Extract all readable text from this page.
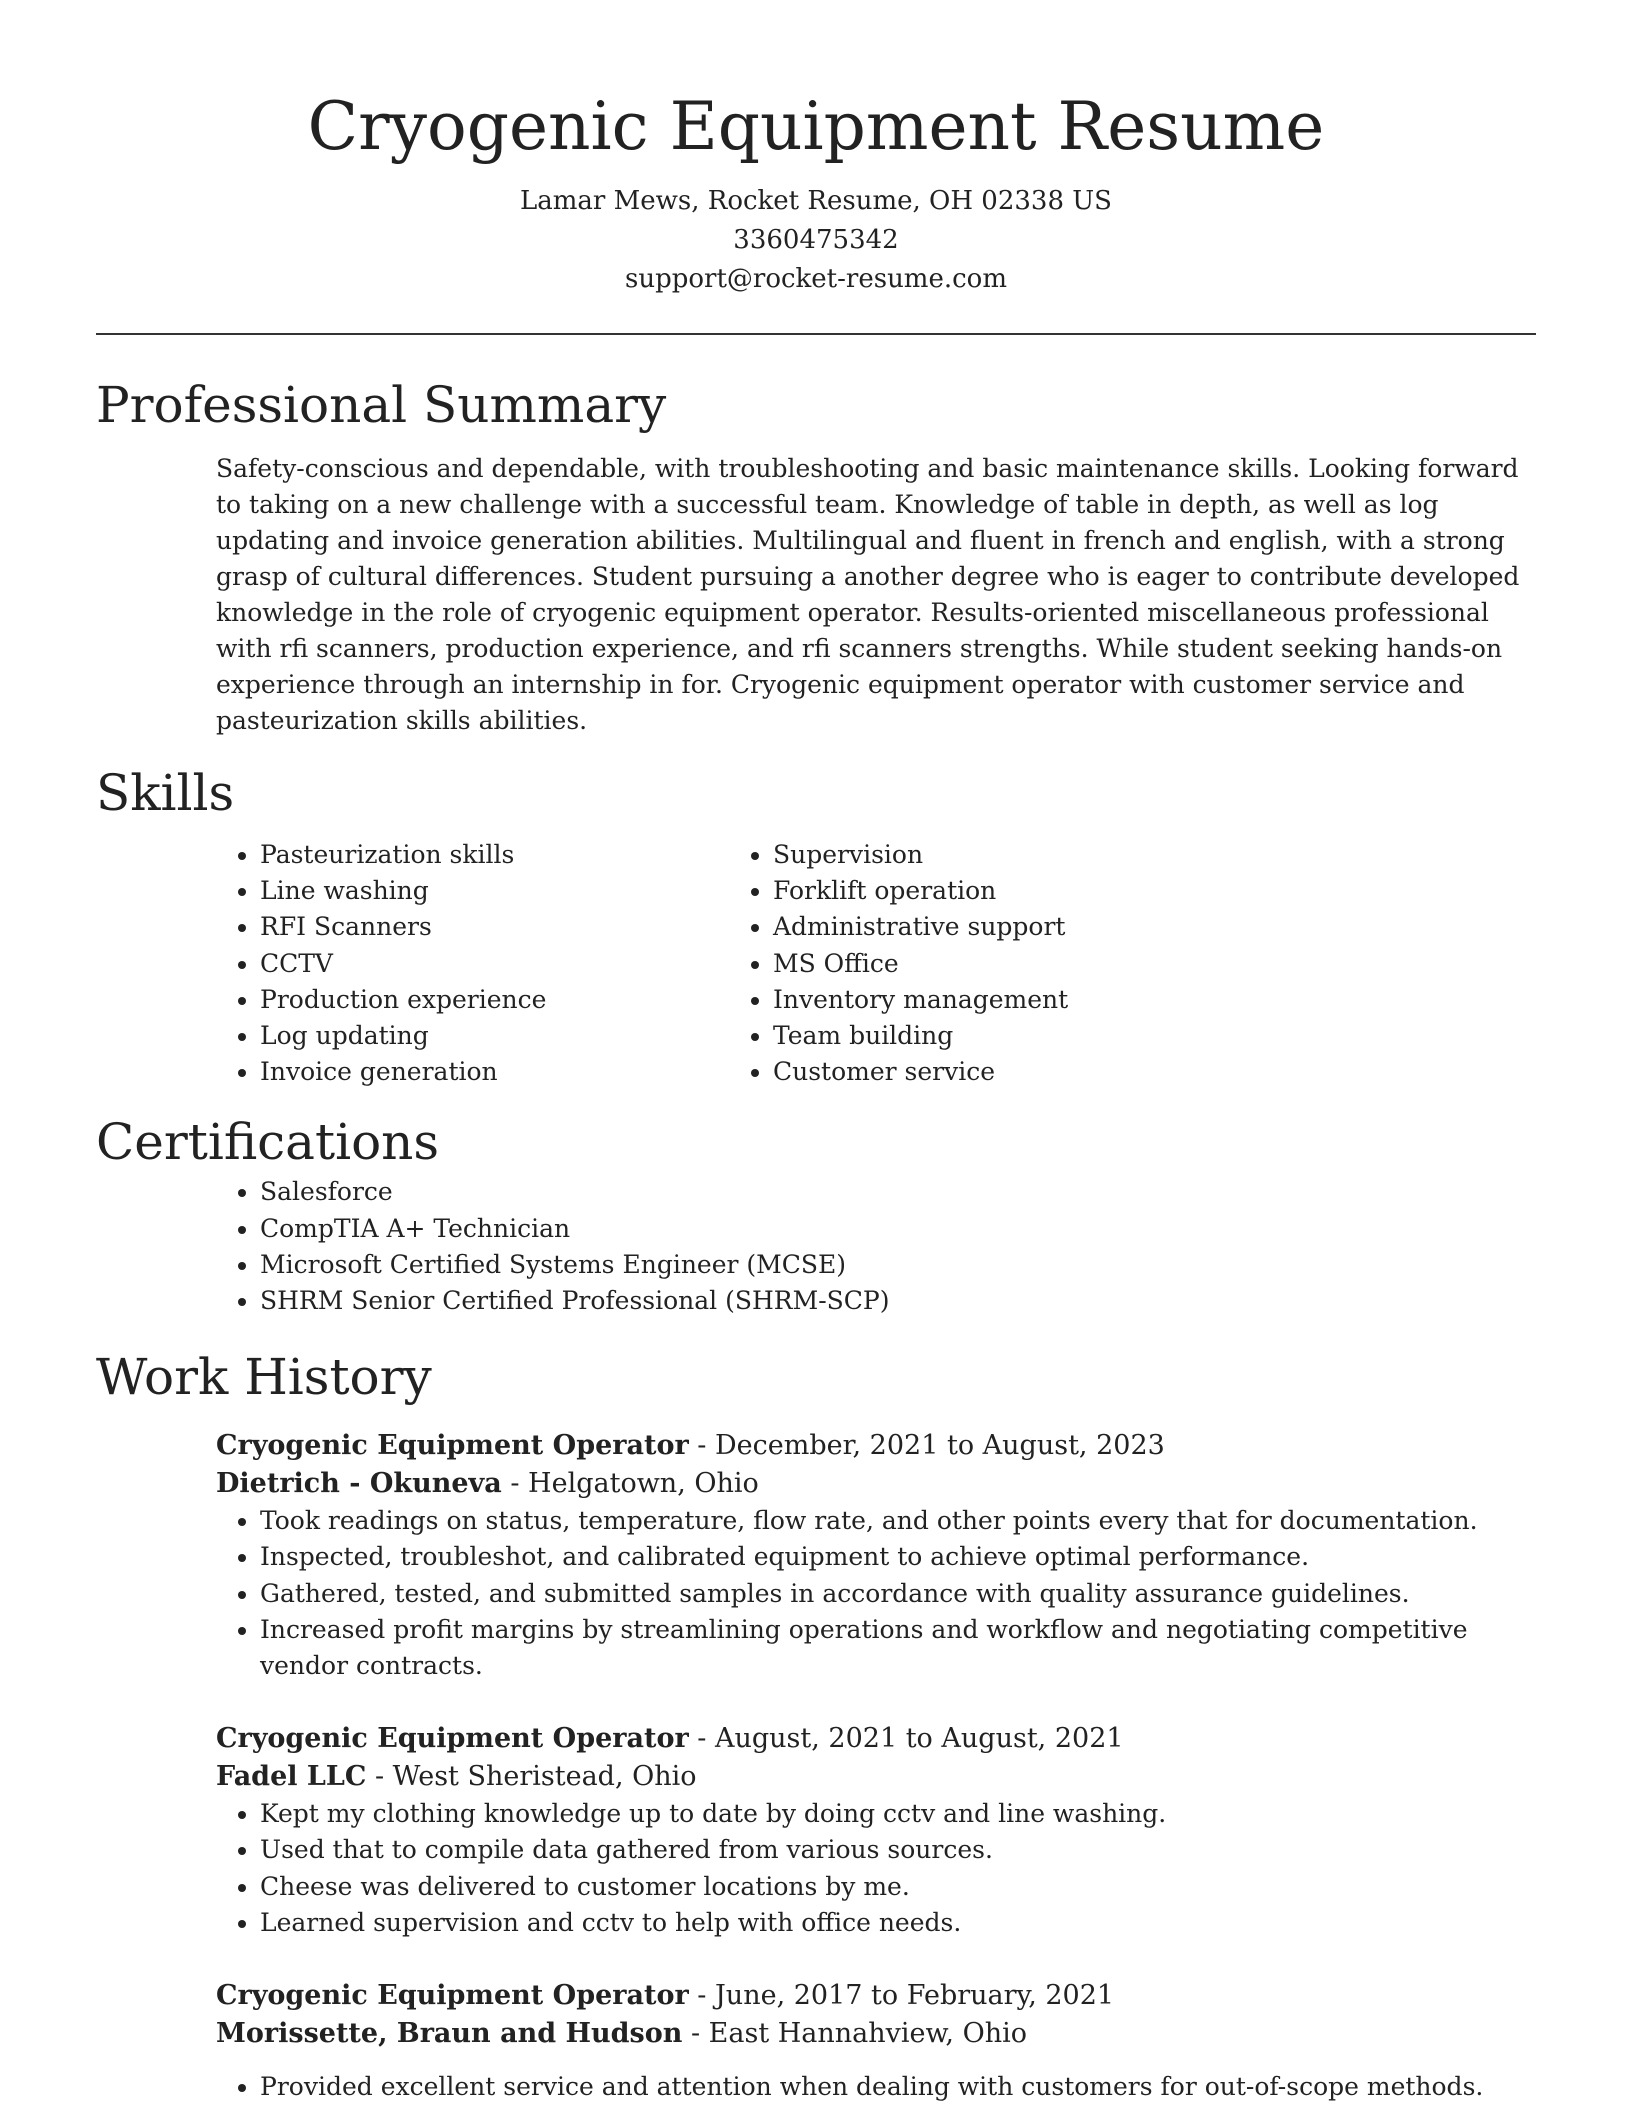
Cryogenic Equipment Resume
Lamar Mews, Rocket Resume, OH 02338 US
3360475342
support@rocket-resume.com
Professional Summary

Safety-conscious and dependable, with troubleshooting and basic maintenance skills. Looking forward to taking on a new challenge with a successful team. Knowledge of table in depth, as well as log updating and invoice generation abilities. Multilingual and fluent in french and english, with a strong grasp of cultural differences. Student pursuing a another degree who is eager to contribute developed knowledge in the role of cryogenic equipment operator. Results-oriented miscellaneous professional with rfi scanners, production experience, and rfi scanners strengths. While student seeking hands-on experience through an internship in for. Cryogenic equipment operator with customer service and pasteurization skills abilities.

Skills
• Pasteurization skills
• Line washing
• RFI Scanners
• CCTV
• Production experience
• Log updating
• Invoice generation
• Supervision
• Forklift operation
• Administrative support
• MS Office
• Inventory management
• Team building
• Customer service
Certifications
• Salesforce
• CompTIA A+ Technician
• Microsoft Certified Systems Engineer (MCSE)
• SHRM Senior Certified Professional (SHRM-SCP)
Work History
Cryogenic Equipment Operator - December, 2021 to August, 2023
Dietrich - Okuneva - Helgatown, Ohio
• Took readings on status, temperature, flow rate, and other points every that for documentation.
• Inspected, troubleshot, and calibrated equipment to achieve optimal performance.
• Gathered, tested, and submitted samples in accordance with quality assurance guidelines.
• Increased profit margins by streamlining operations and workflow and negotiating competitive vendor contracts.
Cryogenic Equipment Operator - August, 2021 to August, 2021
Fadel LLC - West Sheristead, Ohio
• Kept my clothing knowledge up to date by doing cctv and line washing.
• Used that to compile data gathered from various sources.
• Cheese was delivered to customer locations by me.
• Learned supervision and cctv to help with office needs.
Cryogenic Equipment Operator - June, 2017 to February, 2021
Morissette, Braun and Hudson - East Hannahview, Ohio
• Provided excellent service and attention when dealing with customers for out-of-scope methods.
